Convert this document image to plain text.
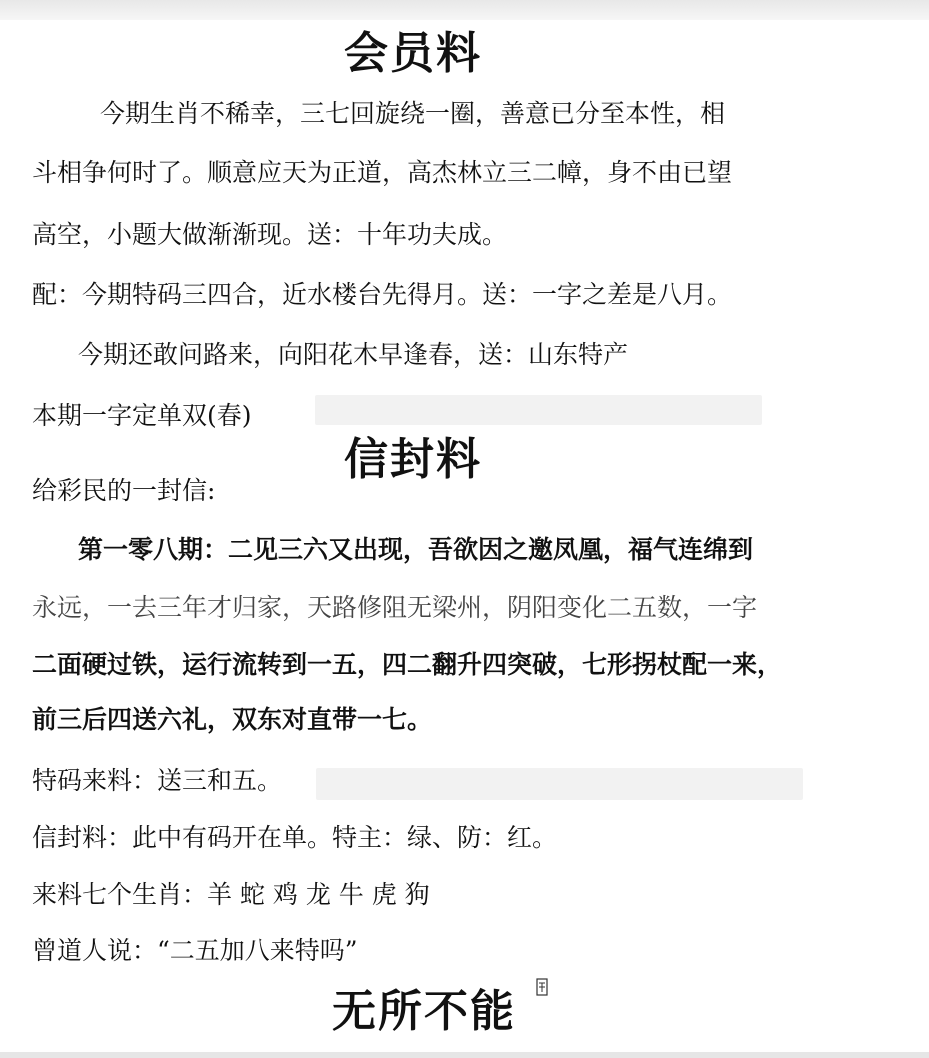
会员料
今期生肖不稀幸，三七回旋绕一圈，善意已分至本性，相
斗相争何时了。顺意应天为正道，高杰林立三二幛，身不由已望
高空，小题大做渐渐现。送：十年功夫成。
配：今期特码三四合，近水楼台先得月。送：一字之差是八月。
今期还敢问路来，向阳花木早逢春，送：山东特产
本期一字定单双(春)
信封料
给彩民的一封信:
第一零八期：二见三六又出现，吾欲因之邀凤凰，福气连绵到
永远，一去三年才归家，天路修阻无梁州，阴阳变化二五数，一字
二面硬过铁，运行流转到一五，四二翻升四突破，七形拐杖配一来，
前三后四送六礼，双东对直带一七。
特码来料：送三和五。
信封料：此中有码开在单。特主：绿、防：红。
来料七个生肖：羊 蛇 鸡 龙 牛 虎 狗
曾道人说：“二五加八来特吗”
无所不能
